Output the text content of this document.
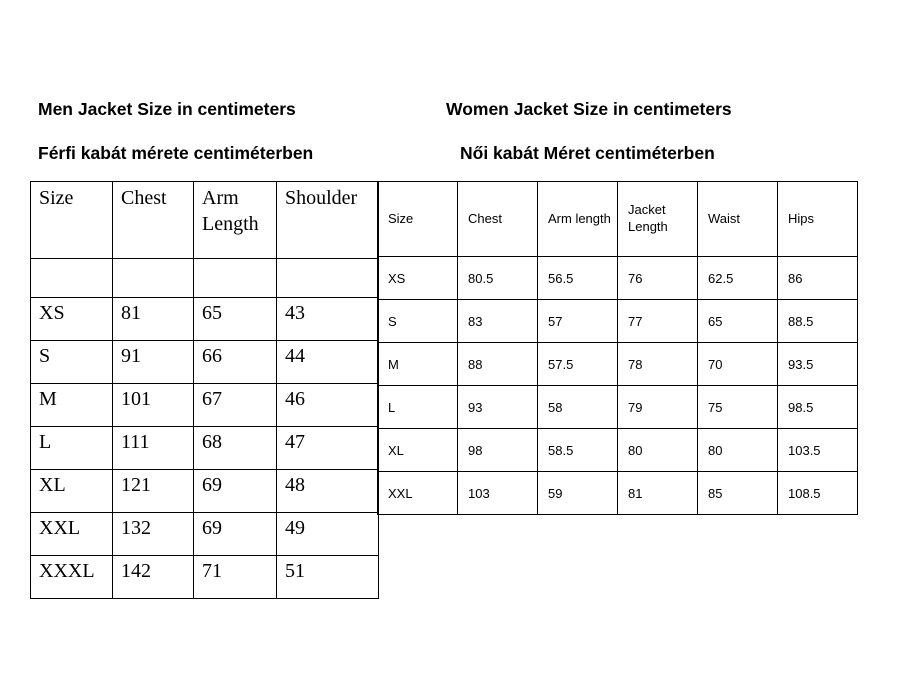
Men Jacket Size in centimeters	Women Jacket Size in centimeters
Férfi kabát mérete centiméterben	Női kabát Méret centiméterben
Size	Chest	Arm Length	Shoulder

XS	81	65	43
S	91	66	44
M	101	67	46
L	111	68	47
XL	121	69	48
XXL	132	69	49
XXXL	142	71	51
Size	Chest	Arm length	Jacket Length	Waist	Hips
XS	80.5	56.5	76	62.5	86
S	83	57	77	65	88.5
M	88	57.5	78	70	93.5
L	93	58	79	75	98.5
XL	98	58.5	80	80	103.5
XXL	103	59	81	85	108.5
